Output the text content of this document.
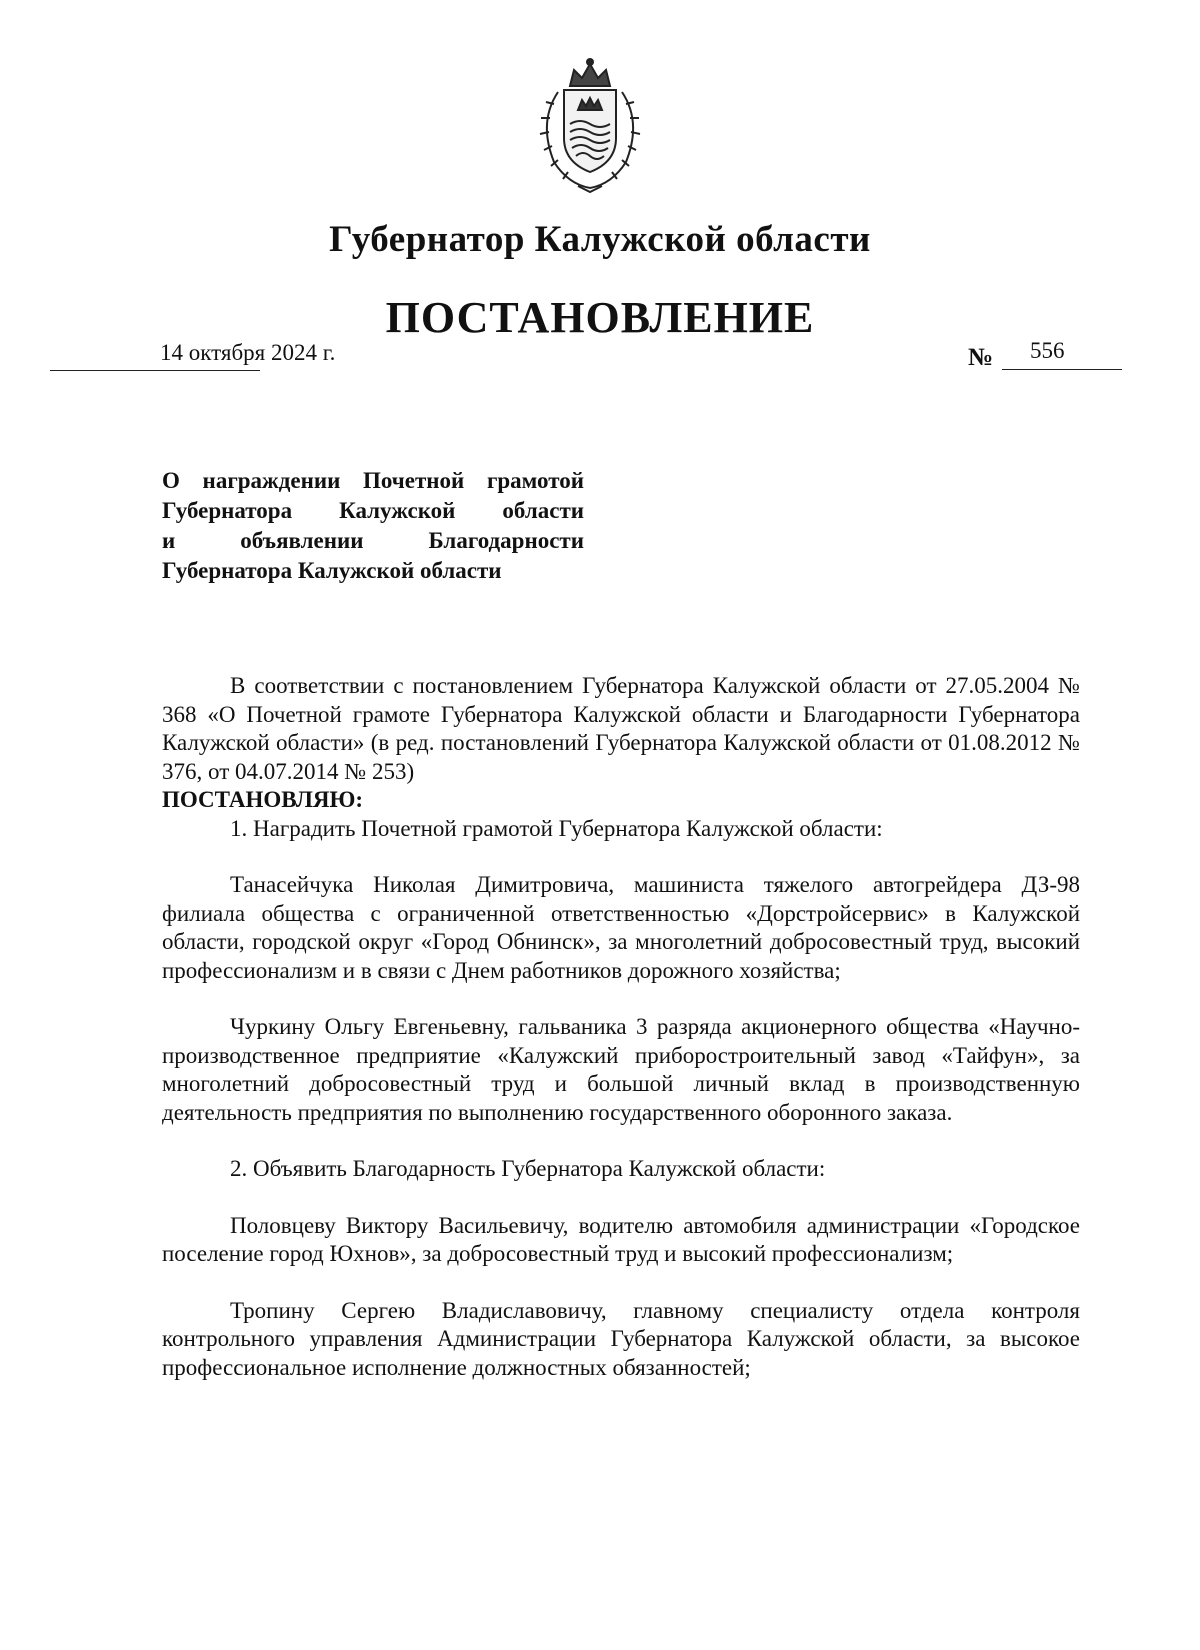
Губернатор Калужской области
ПОСТАНОВЛЕНИЕ
14 октября 2024 г.	№ 556
О награждении Почетной грамотой
Губернатора Калужской области
и объявлении Благодарности
Губернатора Калужской области

В соответствии с постановлением Губернатора Калужской области от 27.05.2004 № 368 «О Почетной грамоте Губернатора Калужской области и Благодарности Губернатора Калужской области» (в ред. постановлений Губернатора Калужской области от 01.08.2012 № 376, от 04.07.2014 № 253)

ПОСТАНОВЛЯЮ:

1. Наградить Почетной грамотой Губернатора Калужской области:

Танасейчука Николая Димитровича, машиниста тяжелого автогрейдера ДЗ-98 филиала общества с ограниченной ответственностью «Дорстройсервис» в Калужской области, городской округ «Город Обнинск», за многолетний добросовестный труд, высокий профессионализм и в связи с Днем работников дорожного хозяйства;

Чуркину Ольгу Евгеньевну, гальваника 3 разряда акционерного общества «Научно-производственное предприятие «Калужский приборостроительный завод «Тайфун», за многолетний добросовестный труд и большой личный вклад в производственную деятельность предприятия по выполнению государственного оборонного заказа.

2. Объявить Благодарность Губернатора Калужской области:

Половцеву Виктору Васильевичу, водителю автомобиля администрации «Городское поселение город Юхнов», за добросовестный труд и высокий профессионализм;

Тропину Сергею Владиславовичу, главному специалисту отдела контроля контрольного управления Администрации Губернатора Калужской области, за высокое профессиональное исполнение должностных обязанностей;
